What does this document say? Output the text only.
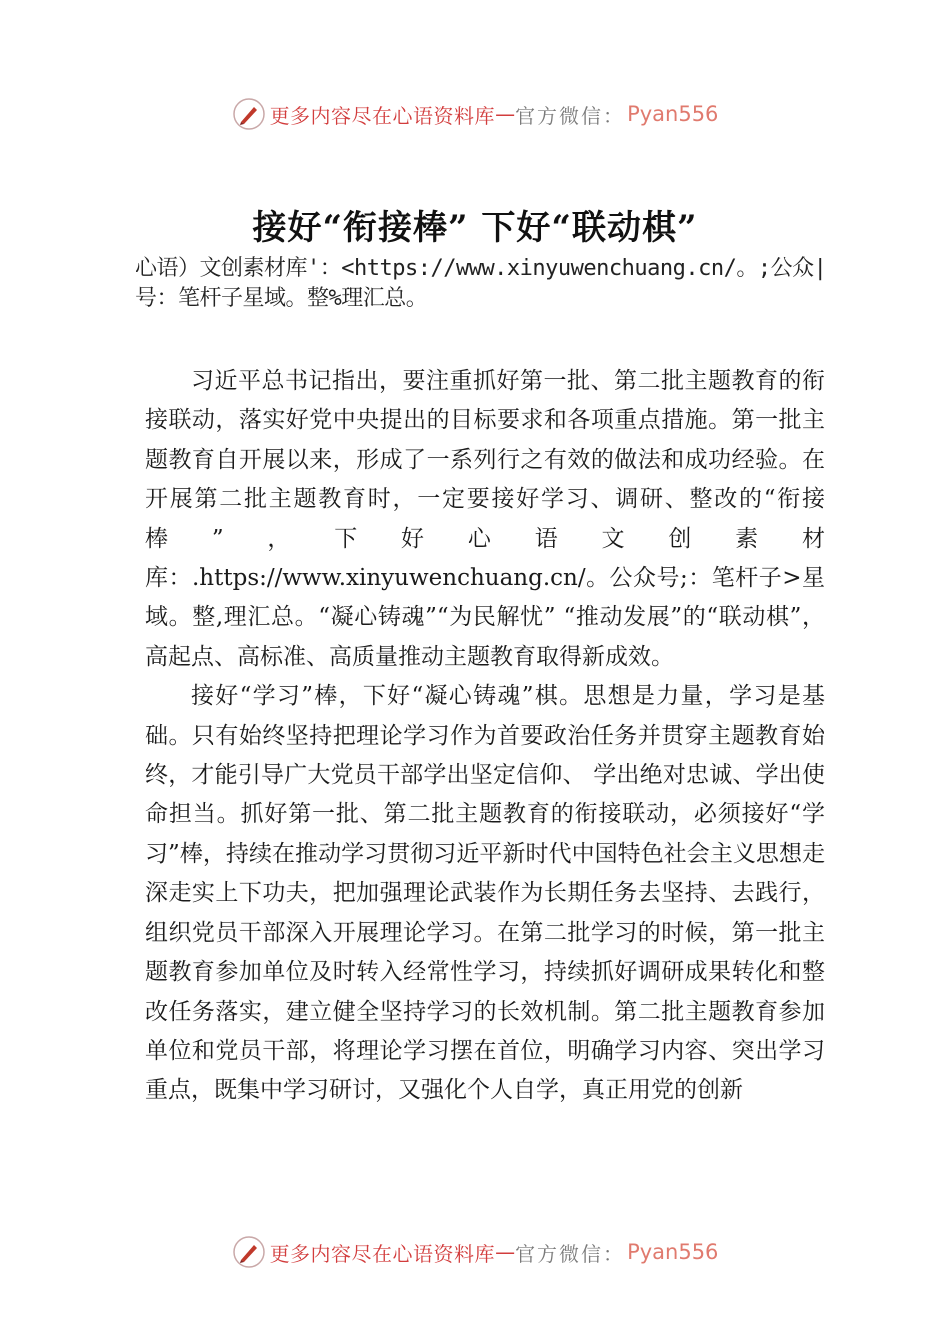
更多内容尽在心语资料库 — 官方微信： Pyan556
接好“衔接棒” 下好“联动棋”
心语）文创素材库'：<https://www.xinyuwenchuang.cn/。;公众|号：笔杆子星域。整%理汇总。

习近平总书记指出，要注重抓好第一批、第二批主题教育的衔接联动，落实好党中央提出的目标要求和各项重点措施。第一批主题教育自开展以来，形成了一系列行之有效的做法和成功经验。在开展第二批主题教育时，一定要接好学习、调研、整改的“衔接棒”，下好心语文创素材库：.https://www.xinyuwenchuang.cn/。公众号;：笔杆子>星域。整,理汇总。“凝心铸魂”“为民解忧” “推动发展”的“联动棋”，高起点、高标准、高质量推动主题教育取得新成效。

接好“学习”棒，下好“凝心铸魂”棋。思想是力量，学习是基础。只有始终坚持把理论学习作为首要政治任务并贯穿主题教育始终，才能引导广大党员干部学出坚定信仰、 学出绝对忠诚、学出使命担当。抓好第一批、第二批主题教育的衔接联动，必须接好“学习”棒，持续在推动学习贯彻习近平新时代中国特色社会主义思想走深走实上下功夫，把加强理论武装作为长期任务去坚持、去践行，组织党员干部深入开展理论学习。在第二批学习的时候，第一批主题教育参加单位及时转入经常性学习，持续抓好调研成果转化和整改任务落实，建立健全坚持学习的长效机制。第二批主题教育参加单位和党员干部，将理论学习摆在首位，明确学习内容、突出学习重点，既集中学习研讨，又强化个人自学，真正用党的创新

更多内容尽在心语资料库 — 官方微信： Pyan556
